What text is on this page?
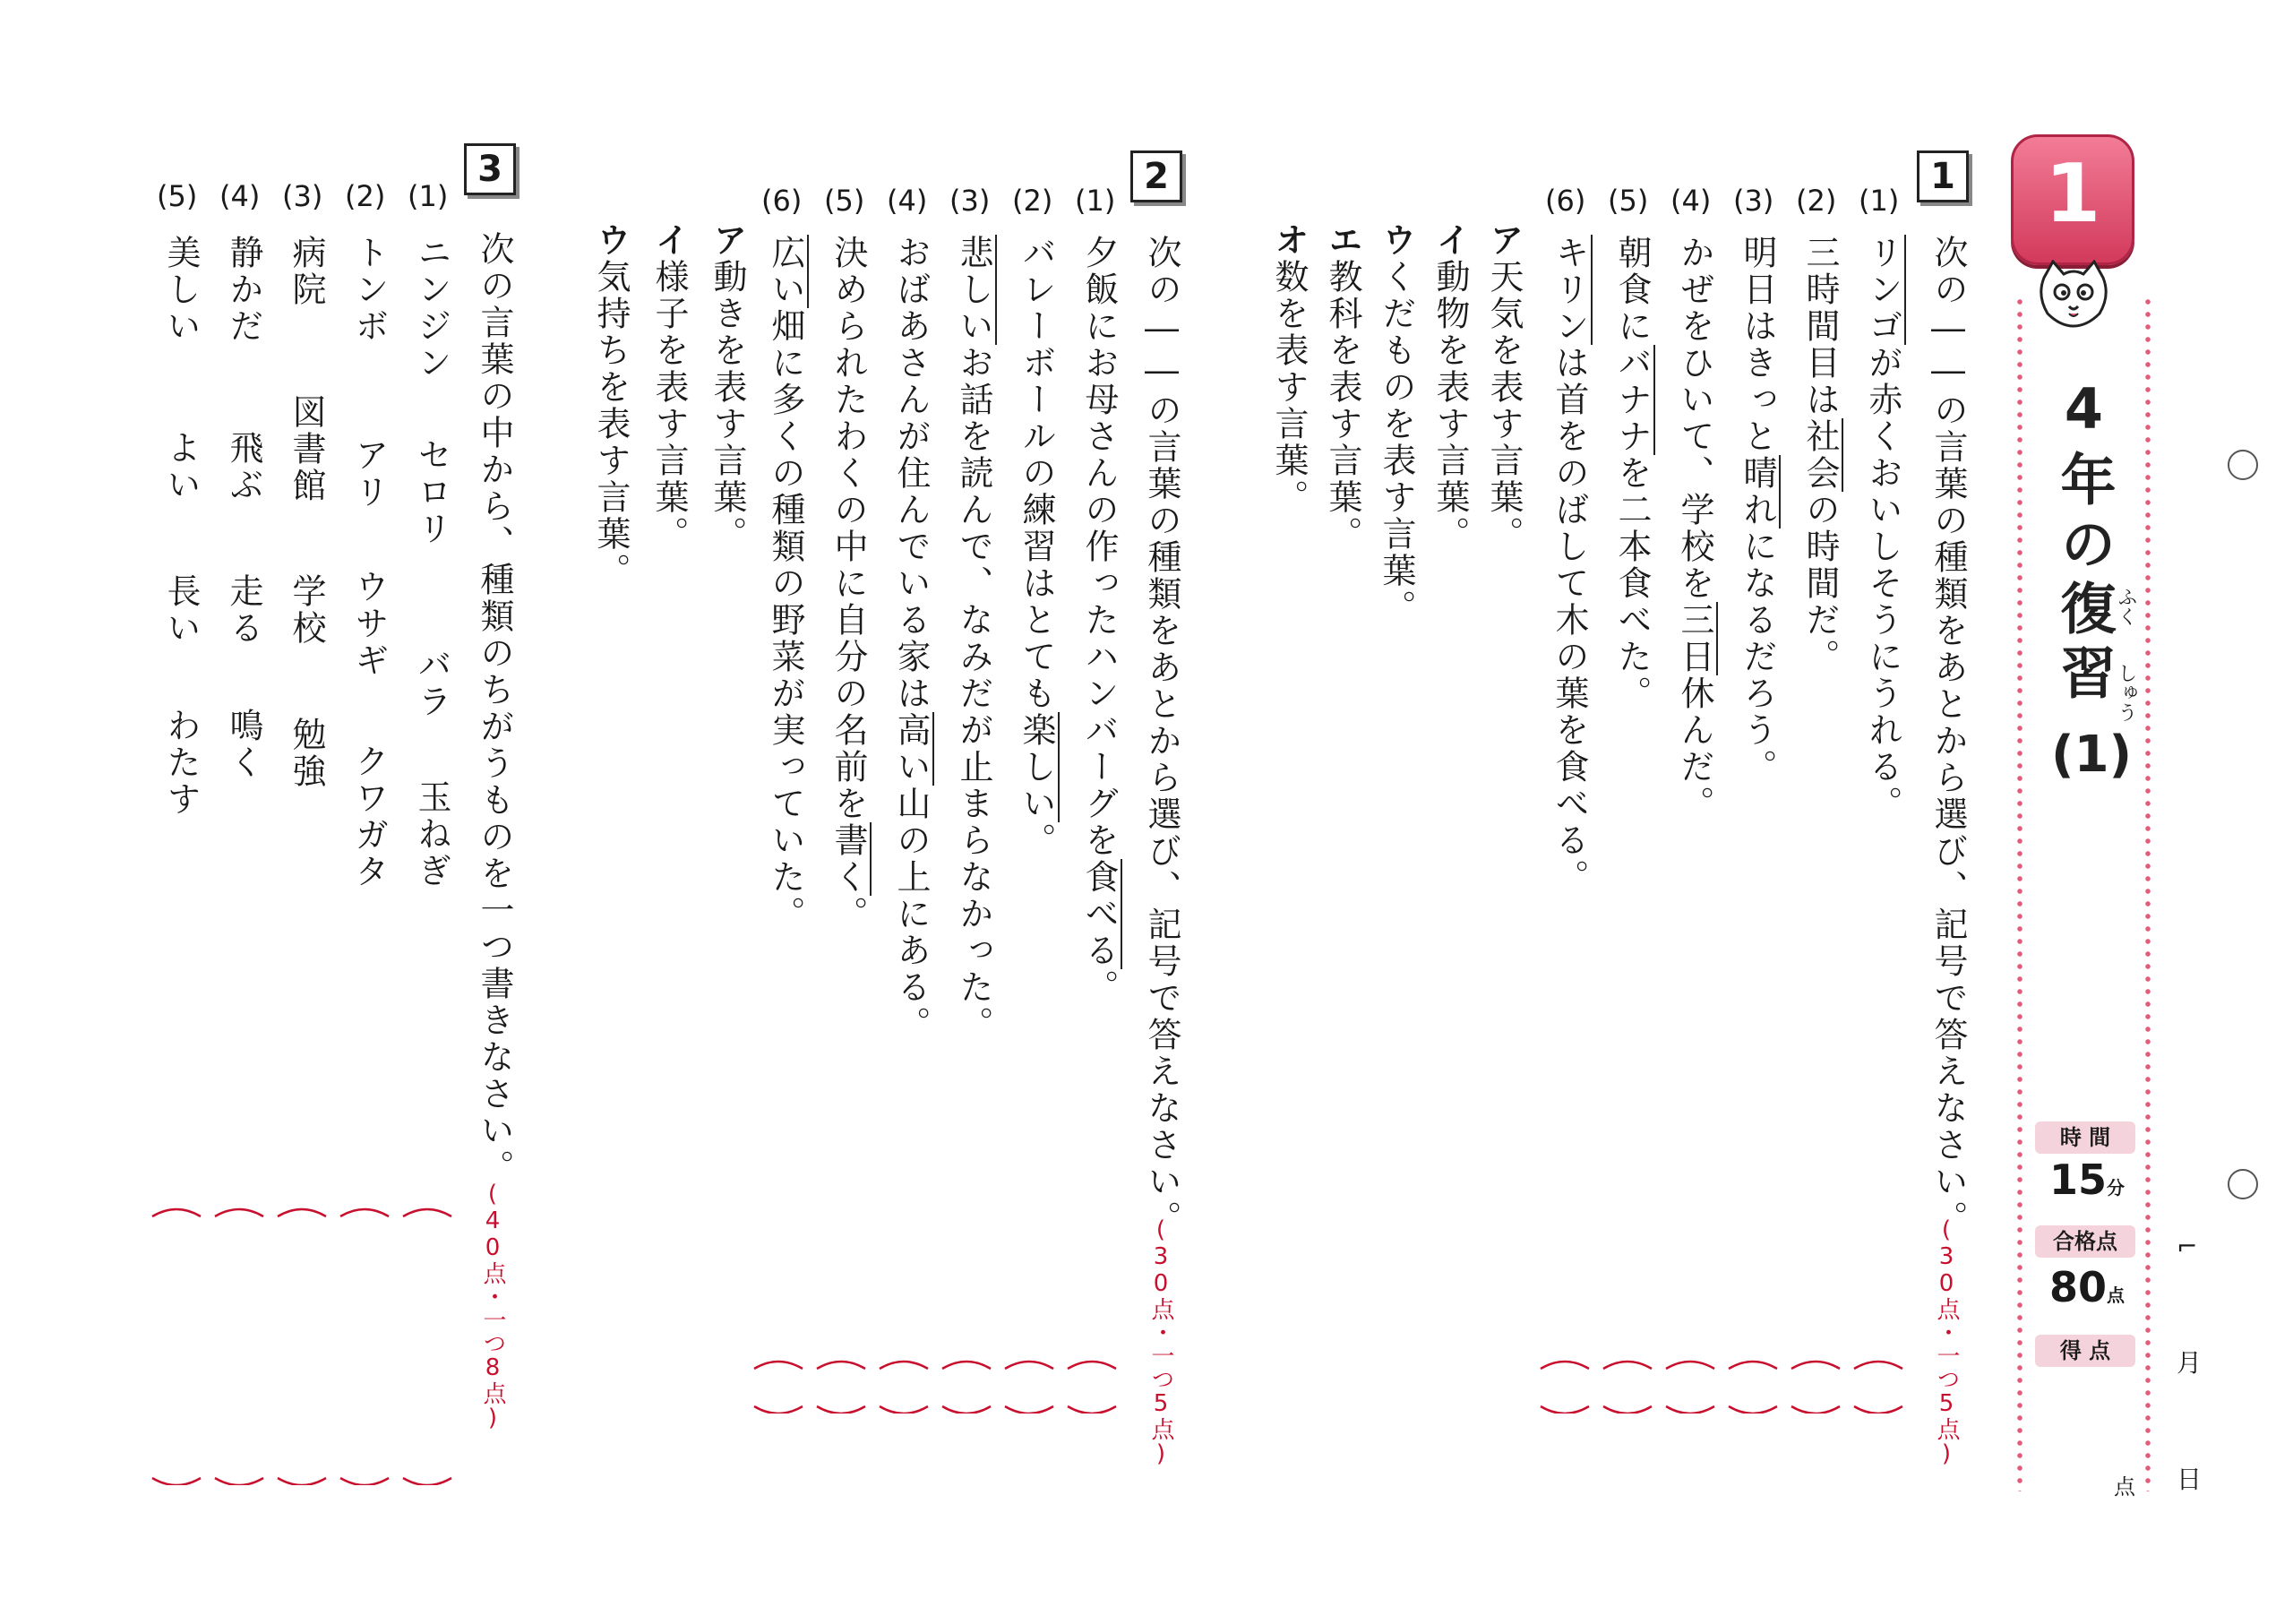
1
4年の復習
ふく
しゅう
(1)
時 間
15分
合格点
80点
得 点
点
⌐
月
日
1
次の――の言葉の種類をあとから選び、記号で答えなさい。
(30点・一つ5点)
(1)
リンゴが赤くおいしそうにうれる。
(2)
三時間目は社会の時間だ。
(3)
明日はきっと晴れになるだろう。
(4)
かぜをひいて、学校を三日休んだ。
(5)
朝食にバナナを二本食べた。
(6)
キリンは首をのばして木の葉を食べる。
ア天気を表す言葉。
イ動物を表す言葉。
ウくだものを表す言葉。
エ教科を表す言葉。
オ数を表す言葉。
2
次の――の言葉の種類をあとから選び、記号で答えなさい。
(30点・一つ5点)
(1)
夕飯にお母さんの作ったハンバーグを食べる。
(2)
バレーボールの練習はとても楽しい。
(3)
悲しいお話を読んで、なみだが止まらなかった。
(4)
おばあさんが住んでいる家は高い山の上にある。
(5)
決められたわくの中に自分の名前を書く。
(6)
広い畑に多くの種類の野菜が実っていた。
ア動きを表す言葉。
イ様子を表す言葉。
ウ気持ちを表す言葉。
3
次の言葉の中から、種類のちがうものを一つ書きなさい。
(40点・一つ8点)
(1)
ニンジン
セロリ
バラ
玉ねぎ
(2)
トンボ
アリ
ウサギ
クワガタ
(3)
病院
図書館
学校
勉強
(4)
静かだ
飛ぶ
走る
鳴く
(5)
美しい
よい
長い
わたす
